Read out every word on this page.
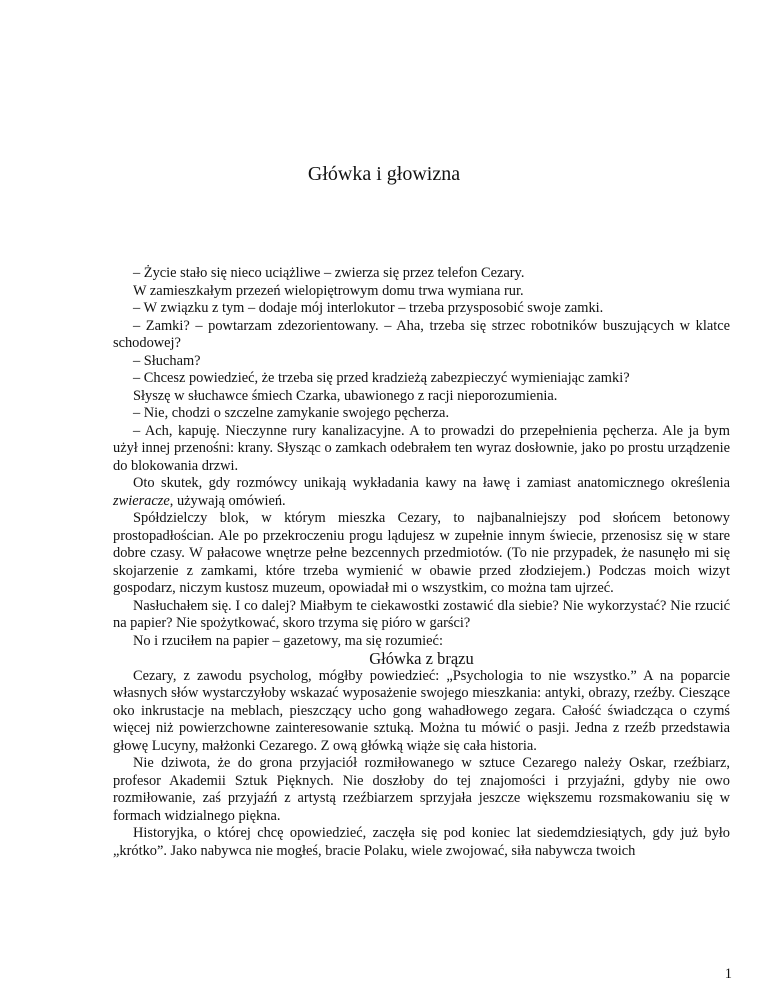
Główka i głowizna

– Życie stało się nieco uciążliwe – zwierza się przez telefon Cezary.

W zamieszkałym przezeń wielopiętrowym domu trwa wymiana rur.

– W związku z tym – dodaje mój interlokutor – trzeba przysposobić swoje zamki.

– Zamki? – powtarzam zdezorientowany. – Aha, trzeba się strzec robotników buszujących w klatce schodowej?

– Słucham?

– Chcesz powiedzieć, że trzeba się przed kradzieżą zabezpieczyć wymieniając zamki?

Słyszę w słuchawce śmiech Czarka, ubawionego z racji nieporozumienia.

– Nie, chodzi o szczelne zamykanie swojego pęcherza.

– Ach, kapuję. Nieczynne rury kanalizacyjne. A to prowadzi do przepełnienia pęcherza. Ale ja bym użył innej przenośni: krany. Słysząc o zamkach odebrałem ten wyraz dosłownie, jako po prostu urządzenie do blokowania drzwi.

Oto skutek, gdy rozmówcy unikają wykładania kawy na ławę i zamiast anatomicznego określenia zwieracze, używają omówień.

Spółdzielczy blok, w którym mieszka Cezary, to najbanalniejszy pod słońcem betonowy prostopadłościan. Ale po przekroczeniu progu lądujesz w zupełnie innym świecie, przenosisz się w stare dobre czasy. W pałacowe wnętrze pełne bezcennych przedmiotów. (To nie przypadek, że nasunęło mi się skojarzenie z zamkami, które trzeba wymienić w obawie przed złodziejem.) Podczas moich wizyt gospodarz, niczym kustosz muzeum, opowiadał mi o wszystkim, co można tam ujrzeć.

Nasłuchałem się. I co dalej? Miałbym te ciekawostki zostawić dla siebie? Nie wykorzystać? Nie rzucić na papier? Nie spożytkować, skoro trzyma się pióro w garści?

No i rzuciłem na papier – gazetowy, ma się rozumieć:

Główka z brązu

Cezary, z zawodu psycholog, mógłby powiedzieć: „Psychologia to nie wszystko.” A na poparcie własnych słów wystarczyłoby wskazać wyposażenie swojego mieszkania: antyki, obrazy, rzeźby. Cieszące oko inkrustacje na meblach, pieszczący ucho gong wahadłowego zegara. Całość świadcząca o czymś więcej niż powierzchowne zainteresowanie sztuką. Można tu mówić o pasji. Jedna z rzeźb przedstawia głowę Lucyny, małżonki Cezarego. Z ową główką wiąże się cała historia.

Nie dziwota, że do grona przyjaciół rozmiłowanego w sztuce Cezarego należy Oskar, rzeźbiarz, profesor Akademii Sztuk Pięknych. Nie doszłoby do tej znajomości i przyjaźni, gdyby nie owo rozmiłowanie, zaś przyjaźń z artystą rzeźbiarzem sprzyjała jeszcze większemu rozsmakowaniu się w formach widzialnego piękna.

Historyjka, o której chcę opowiedzieć, zaczęła się pod koniec lat siedemdziesiątych, gdy już było „krótko”. Jako nabywca nie mogłeś, bracie Polaku, wiele zwojować, siła nabywcza twoich

1
